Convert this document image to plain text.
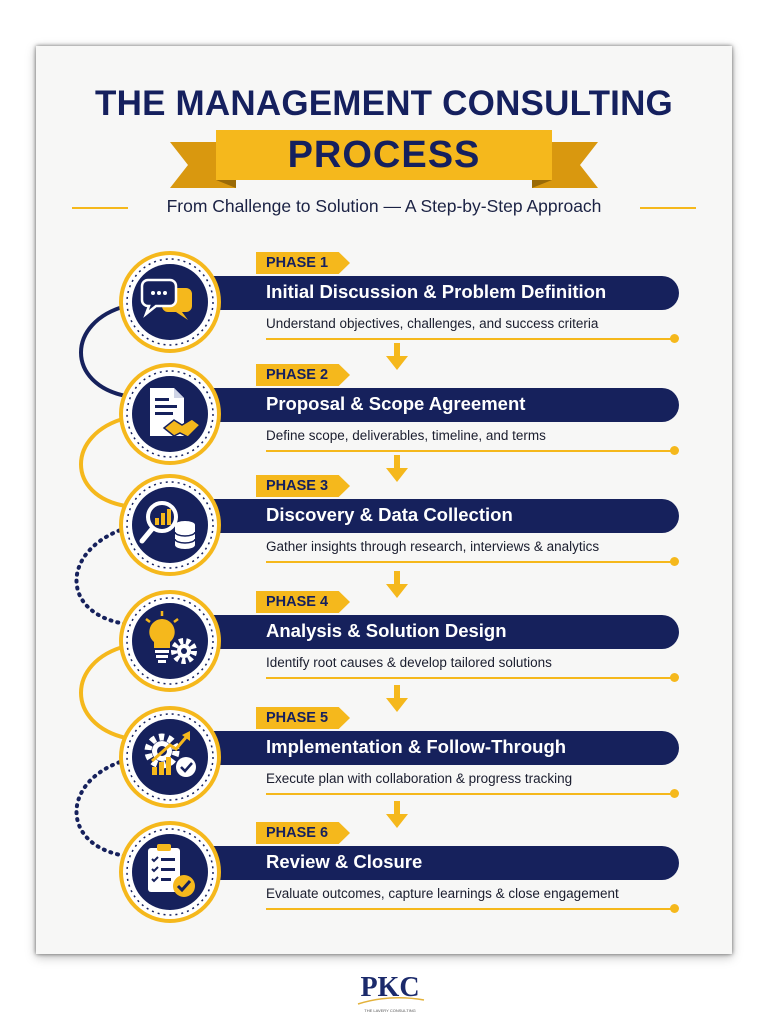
THE MANAGEMENT CONSULTING
PROCESS
From Challenge to Solution — A Step-by-Step Approach
PHASE 1
Initial Discussion & Problem Definition
Understand objectives, challenges, and success criteria
PHASE 2
Proposal & Scope Agreement
Define scope, deliverables, timeline, and terms
PHASE 3
Discovery & Data Collection
Gather insights through research, interviews & analytics
PHASE 4
Analysis & Solution Design
Identify root causes & develop tailored solutions
PHASE 5
Implementation & Follow-Through
Execute plan with collaboration & progress tracking
PHASE 6
Review & Closure
Evaluate outcomes, capture learnings & close engagement
PKC
THE LAVERY CONSULTING
